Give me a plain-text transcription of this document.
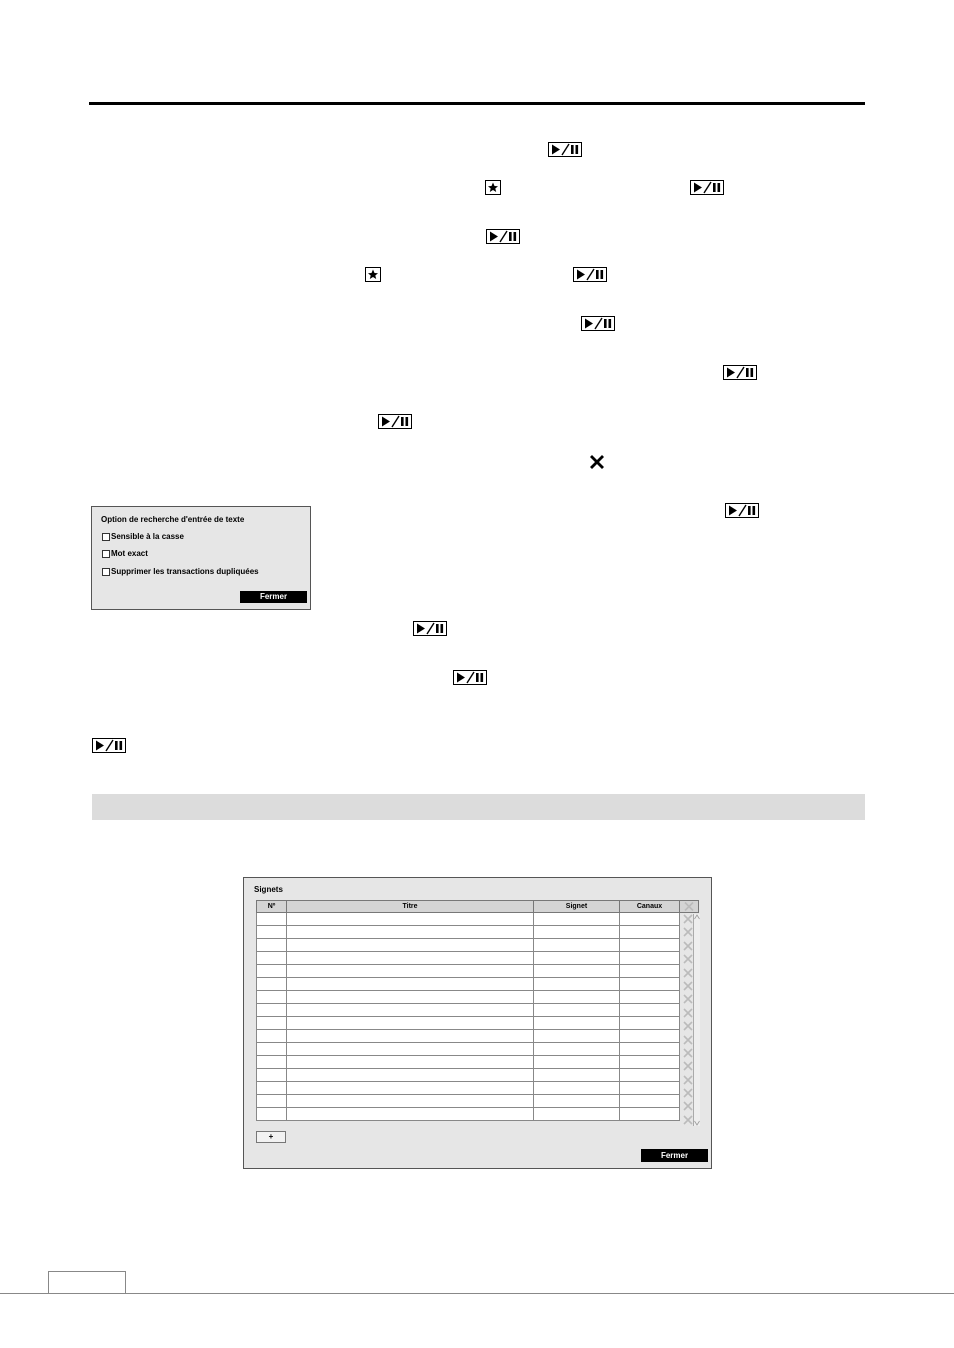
Option de recherche d'entrée de texte
Sensible à la casse
Mot exact
Supprimer les transactions dupliquées
Fermer
Signets
Nº	Titre	Signet	Canaux

+
Fermer
